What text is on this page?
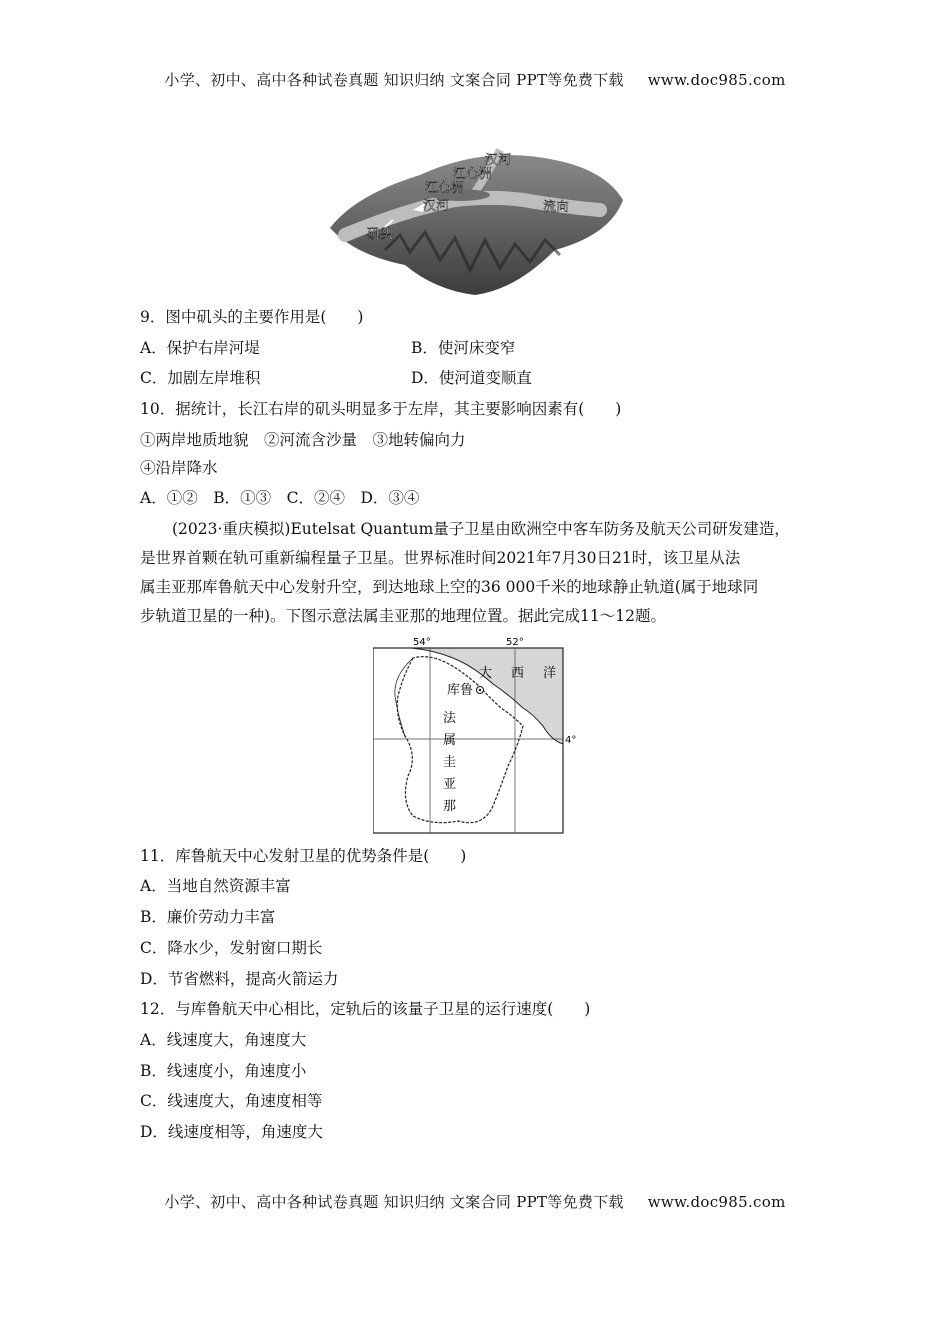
小学、初中、高中各种试卷真题 知识归纳 文案合同 PPT等免费下载 www.doc985.com
汉河
江心洲
江心洲
汉河	流向
矶头
9．图中矶头的主要作用是(　　)
A．保护右岸河堤	B．使河床变窄
C．加剧左岸堆积	D．使河道变顺直
10．据统计，长江右岸的矶头明显多于左岸，其主要影响因素有(　　)
①两岸地质地貌　②河流含沙量　③地转偏向力
④沿岸降水
A．①②　B．①③　C．②④　D．③④
(2023·重庆模拟)Eutelsat Quantum量子卫星由欧洲空中客车防务及航天公司研发建造，
是世界首颗在轨可重新编程量子卫星。世界标准时间2021年7月30日21时，该卫星从法
属圭亚那库鲁航天中心发射升空，到达地球上空的36 000千米的地球静止轨道(属于地球同
步轨道卫星的一种)。下图示意法属圭亚那的地理位置。据此完成11～12题。
54°	52°
4°
大 西 洋
库鲁
法
属
圭
亚
那
11．库鲁航天中心发射卫星的优势条件是(　　)
A．当地自然资源丰富
B．廉价劳动力丰富
C．降水少，发射窗口期长
D．节省燃料，提高火箭运力
12．与库鲁航天中心相比，定轨后的该量子卫星的运行速度(　　)
A．线速度大，角速度大
B．线速度小，角速度小
C．线速度大，角速度相等
D．线速度相等，角速度大
小学、初中、高中各种试卷真题 知识归纳 文案合同 PPT等免费下载 www.doc985.com
